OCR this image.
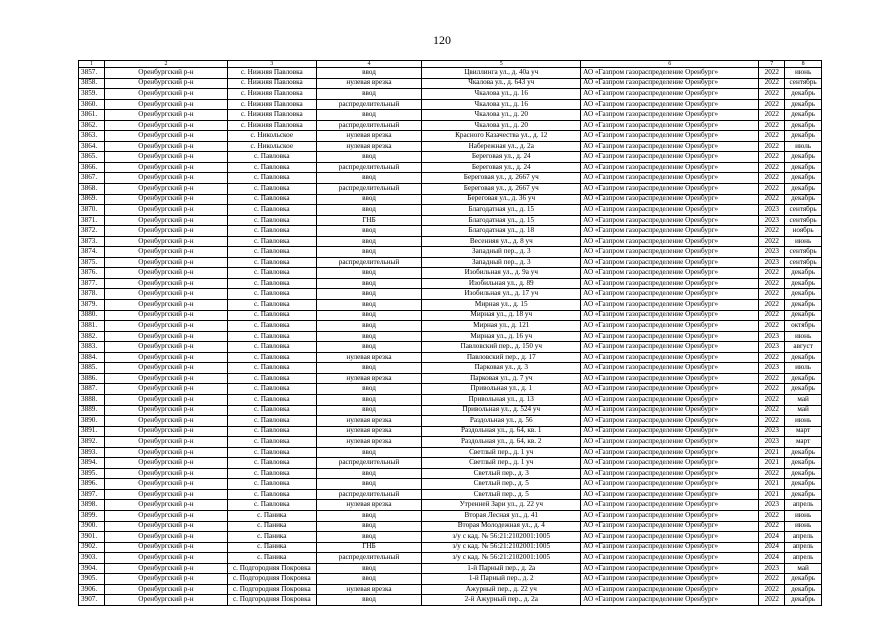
120
1	2	3	4	5	6	7	8
3857.	Оренбургский р-н	с. Нижняя Павловка	ввод	Цвиллинга ул., д. 40а уч	АО «Газпром газораспределение Оренбург»	2022	июнь
3858.	Оренбургский р-н	с. Нижняя Павловка	нулевая врезка	Чкалова ул., д. 643 уч	АО «Газпром газораспределение Оренбург»	2022	сентябрь
3859.	Оренбургский р-н	с. Нижняя Павловка	ввод	Чкалова ул., д. 16	АО «Газпром газораспределение Оренбург»	2022	декабрь
3860.	Оренбургский р-н	с. Нижняя Павловка	распределительный	Чкалова ул., д. 16	АО «Газпром газораспределение Оренбург»	2022	декабрь
3861.	Оренбургский р-н	с. Нижняя Павловка	ввод	Чкалова ул., д. 20	АО «Газпром газораспределение Оренбург»	2022	декабрь
3862.	Оренбургский р-н	с. Нижняя Павловка	распределительный	Чкалова ул., д. 20	АО «Газпром газораспределение Оренбург»	2022	декабрь
3863.	Оренбургский р-н	с. Никольское	нулевая врезка	Красного Казачества ул., д. 12	АО «Газпром газораспределение Оренбург»	2022	декабрь
3864.	Оренбургский р-н	с. Никольское	нулевая врезка	Набережная ул., д. 2а	АО «Газпром газораспределение Оренбург»	2022	июль
3865.	Оренбургский р-н	с. Павловка	ввод	Береговая ул., д. 24	АО «Газпром газораспределение Оренбург»	2022	декабрь
3866.	Оренбургский р-н	с. Павловка	распределительный	Береговая ул., д. 24	АО «Газпром газораспределение Оренбург»	2022	декабрь
3867.	Оренбургский р-н	с. Павловка	ввод	Береговая ул., д. 2667 уч	АО «Газпром газораспределение Оренбург»	2022	декабрь
3868.	Оренбургский р-н	с. Павловка	распределительный	Береговая ул., д. 2667 уч	АО «Газпром газораспределение Оренбург»	2022	декабрь
3869.	Оренбургский р-н	с. Павловка	ввод	Береговая ул., д. 36 уч	АО «Газпром газораспределение Оренбург»	2022	декабрь
3870.	Оренбургский р-н	с. Павловка	ввод	Благодатная ул., д. 15	АО «Газпром газораспределение Оренбург»	2023	сентябрь
3871.	Оренбургский р-н	с. Павловка	ГНБ	Благодатная ул., д. 15	АО «Газпром газораспределение Оренбург»	2023	сентябрь
3872.	Оренбургский р-н	с. Павловка	ввод	Благодатная ул., д. 18	АО «Газпром газораспределение Оренбург»	2022	ноябрь
3873.	Оренбургский р-н	с. Павловка	ввод	Весенняя ул., д. 8 уч	АО «Газпром газораспределение Оренбург»	2022	июнь
3874.	Оренбургский р-н	с. Павловка	ввод	Западный пер., д. 3	АО «Газпром газораспределение Оренбург»	2023	сентябрь
3875.	Оренбургский р-н	с. Павловка	распределительный	Западный пер., д. 3	АО «Газпром газораспределение Оренбург»	2023	сентябрь
3876.	Оренбургский р-н	с. Павловка	ввод	Изобильная ул., д. 9а уч	АО «Газпром газораспределение Оренбург»	2022	декабрь
3877.	Оренбургский р-н	с. Павловка	ввод	Изобильная ул., д. 89	АО «Газпром газораспределение Оренбург»	2022	декабрь
3878.	Оренбургский р-н	с. Павловка	ввод	Изобильная ул., д. 17 уч	АО «Газпром газораспределение Оренбург»	2022	декабрь
3879.	Оренбургский р-н	с. Павловка	ввод	Мирная ул., д. 15	АО «Газпром газораспределение Оренбург»	2022	декабрь
3880.	Оренбургский р-н	с. Павловка	ввод	Мирная ул., д. 18 уч	АО «Газпром газораспределение Оренбург»	2022	декабрь
3881.	Оренбургский р-н	с. Павловка	ввод	Мирная ул., д. 121	АО «Газпром газораспределение Оренбург»	2022	октябрь
3882.	Оренбургский р-н	с. Павловка	ввод	Мирная ул., д. 16 уч	АО «Газпром газораспределение Оренбург»	2023	июнь
3883.	Оренбургский р-н	с. Павловка	ввод	Павловский пер., д. 150 уч	АО «Газпром газораспределение Оренбург»	2023	август
3884.	Оренбургский р-н	с. Павловка	нулевая врезка	Павловский пер., д. 17	АО «Газпром газораспределение Оренбург»	2022	декабрь
3885.	Оренбургский р-н	с. Павловка	ввод	Парковая ул., д. 3	АО «Газпром газораспределение Оренбург»	2023	июль
3886.	Оренбургский р-н	с. Павловка	нулевая врезка	Парковая ул., д. 7 уч	АО «Газпром газораспределение Оренбург»	2022	декабрь
3887.	Оренбургский р-н	с. Павловка	ввод	Привольная ул., д. 1	АО «Газпром газораспределение Оренбург»	2022	декабрь
3888.	Оренбургский р-н	с. Павловка	ввод	Привольная ул., д. 13	АО «Газпром газораспределение Оренбург»	2022	май
3889.	Оренбургский р-н	с. Павловка	ввод	Привольная ул., д. 524 уч	АО «Газпром газораспределение Оренбург»	2022	май
3890.	Оренбургский р-н	с. Павловка	нулевая врезка	Раздольная ул., д. 56	АО «Газпром газораспределение Оренбург»	2022	июнь
3891.	Оренбургский р-н	с. Павловка	нулевая врезка	Раздольная ул., д. 64, кв. 1	АО «Газпром газораспределение Оренбург»	2023	март
3892.	Оренбургский р-н	с. Павловка	нулевая врезка	Раздольная ул., д. 64, кв. 2	АО «Газпром газораспределение Оренбург»	2023	март
3893.	Оренбургский р-н	с. Павловка	ввод	Светлый пер., д. 1 уч	АО «Газпром газораспределение Оренбург»	2021	декабрь
3894.	Оренбургский р-н	с. Павловка	распределительный	Светлый пер., д. 1 уч	АО «Газпром газораспределение Оренбург»	2021	декабрь
3895.	Оренбургский р-н	с. Павловка	ввод	Светлый пер., д. 3	АО «Газпром газораспределение Оренбург»	2022	декабрь
3896.	Оренбургский р-н	с. Павловка	ввод	Светлый пер., д. 5	АО «Газпром газораспределение Оренбург»	2021	декабрь
3897.	Оренбургский р-н	с. Павловка	распределительный	Светлый пер., д. 5	АО «Газпром газораспределение Оренбург»	2021	декабрь
3898.	Оренбургский р-н	с. Павловка	нулевая врезка	Утренней Зари ул., д. 22 уч	АО «Газпром газораспределение Оренбург»	2023	апрель
3899.	Оренбургский р-н	с. Паника	ввод	Вторая Лесная ул., д. 41	АО «Газпром газораспределение Оренбург»	2022	июнь
3900.	Оренбургский р-н	с. Паника	ввод	Вторая Молодежная ул., д. 4	АО «Газпром газораспределение Оренбург»	2022	июнь
3901.	Оренбургский р-н	с. Паника	ввод	з/у с кад. № 56:21:2102001:1005	АО «Газпром газораспределение Оренбург»	2024	апрель
3902.	Оренбургский р-н	с. Паника	ГНБ	з/у с кад. № 56:21:2102001:1005	АО «Газпром газораспределение Оренбург»	2024	апрель
3903.	Оренбургский р-н	с. Паника	распределительный	з/у с кад. № 56:21:2102001:1005	АО «Газпром газораспределение Оренбург»	2024	апрель
3904.	Оренбургский р-н	с. Подгородняя Покровка	ввод	1-й Парный пер., д. 2а	АО «Газпром газораспределение Оренбург»	2023	май
3905.	Оренбургский р-н	с. Подгородняя Покровка	ввод	1-й Парный пер., д. 2	АО «Газпром газораспределение Оренбург»	2022	декабрь
3906.	Оренбургский р-н	с. Подгородняя Покровка	нулевая врезка	Ажурный пер., д. 22 уч	АО «Газпром газораспределение Оренбург»	2022	декабрь
3907.	Оренбургский р-н	с. Подгородняя Покровка	ввод	2-й Ажурный пер., д. 2а	АО «Газпром газораспределение Оренбург»	2022	декабрь
